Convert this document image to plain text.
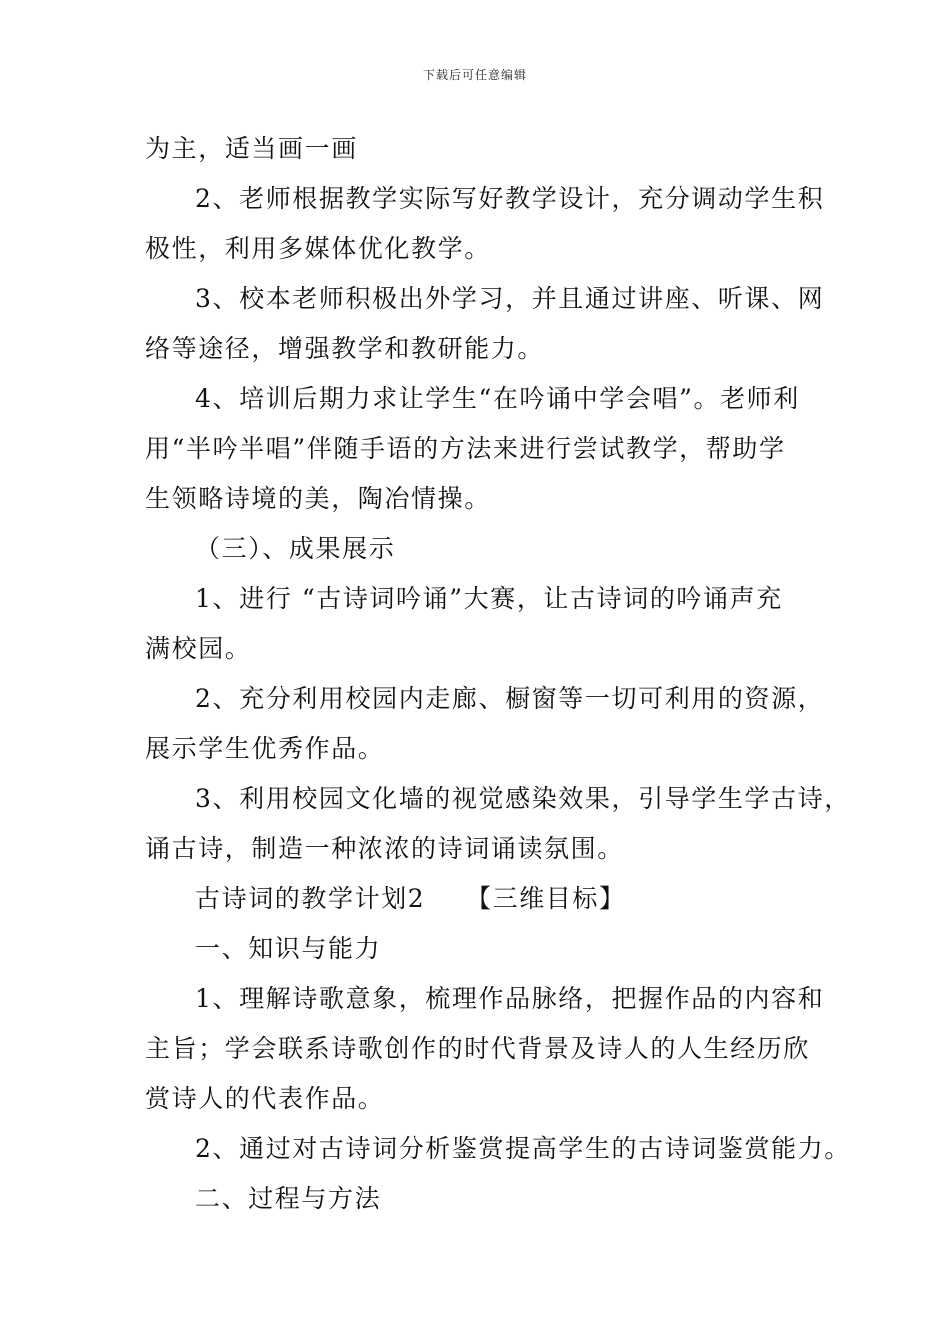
下载后可任意编辑
为主，适当画一画
2、老师根据教学实际写好教学设计，充分调动学生积
极性，利用多媒体优化教学。
3、校本老师积极出外学习，并且通过讲座、听课、网
络等途径，增强教学和教研能力。
4、培训后期力求让学生“在吟诵中学会唱”。老师利
用“半吟半唱”伴随手语的方法来进行尝试教学，帮助学
生领略诗境的美，陶冶情操。
（三）、成果展示
1、进行 “古诗词吟诵”大赛，让古诗词的吟诵声充
满校园。
2、充分利用校园内走廊、橱窗等一切可利用的资源，
展示学生优秀作品。
3、利用校园文化墙的视觉感染效果，引导学生学古诗，
诵古诗，制造一种浓浓的诗词诵读氛围。
古诗词的教学计划2　　【三维目标】
一、知识与能力
1、理解诗歌意象，梳理作品脉络，把握作品的内容和
主旨；学会联系诗歌创作的时代背景及诗人的人生经历欣
赏诗人的代表作品。
2、通过对古诗词分析鉴赏提高学生的古诗词鉴赏能力。
二、过程与方法
